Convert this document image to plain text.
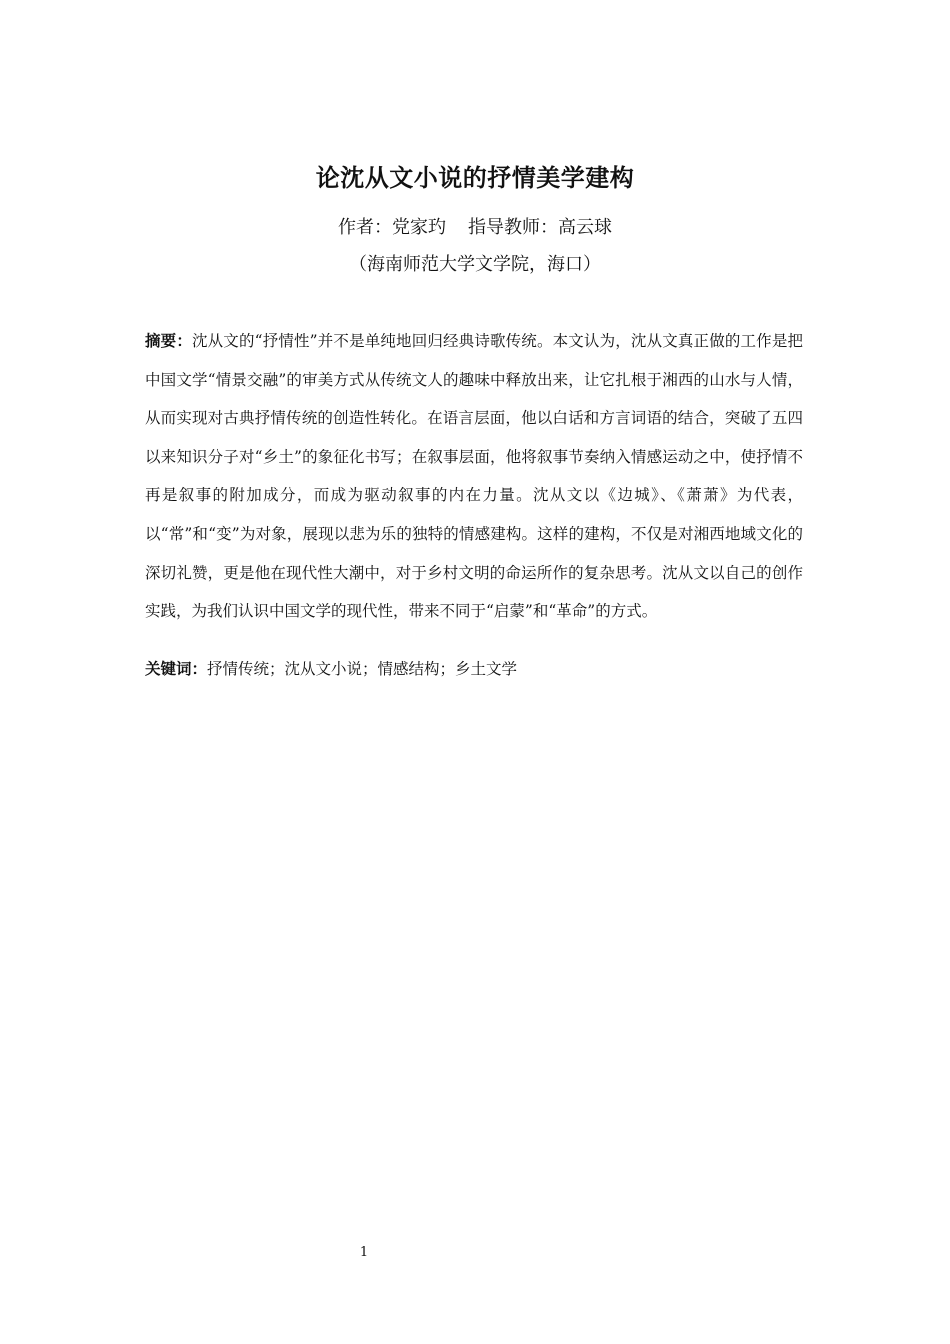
论沈从文小说的抒情美学建构
作者：党家玓 指导教师：高云球
（海南师范大学文学院，海口）

摘要：沈从文的“抒情性”并不是单纯地回归经典诗歌传统。本文认为，沈从文真正做的工作是把中国文学“情景交融”的审美方式从传统文人的趣味中释放出来，让它扎根于湘西的山水与人情，从而实现对古典抒情传统的创造性转化。在语言层面，他以白话和方言词语的结合，突破了五四以来知识分子对“乡土”的象征化书写；在叙事层面，他将叙事节奏纳入情感运动之中，使抒情不再是叙事的附加成分，而成为驱动叙事的内在力量。沈从文以《边城》、《萧萧》为代表，以“常”和“变”为对象，展现以悲为乐的独特的情感建构。这样的建构，不仅是对湘西地域文化的深切礼赞，更是他在现代性大潮中，对于乡村文明的命运所作的复杂思考。沈从文以自己的创作实践，为我们认识中国文学的现代性，带来不同于“启蒙”和“革命”的方式。

关键词：抒情传统；沈从文小说；情感结构；乡土文学

1
